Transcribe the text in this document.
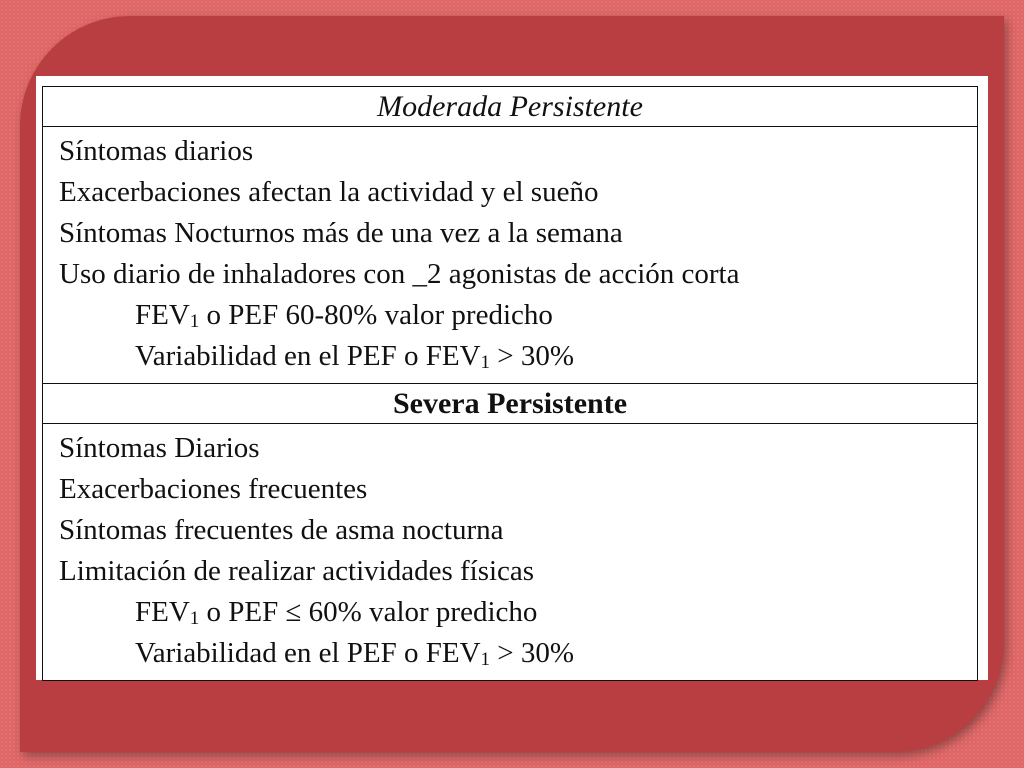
Moderada Persistente
Síntomas diarios
Exacerbaciones afectan la actividad y el sueño
Síntomas Nocturnos más de una vez a la semana
Uso diario de inhaladores con _2 agonistas de acción corta
$FEV_1$ o PEF 60-80% valor predicho
Variabilidad en el PEF o $FEV_1 > 30\%$
Severa Persistente
Síntomas Diarios
Exacerbaciones frecuentes
Síntomas frecuentes de asma nocturna
Limitación de realizar actividades físicas
$FEV_1$ o PEF ≤ 60% valor predicho
Variabilidad en el PEF o $FEV_1 > 30\%$
